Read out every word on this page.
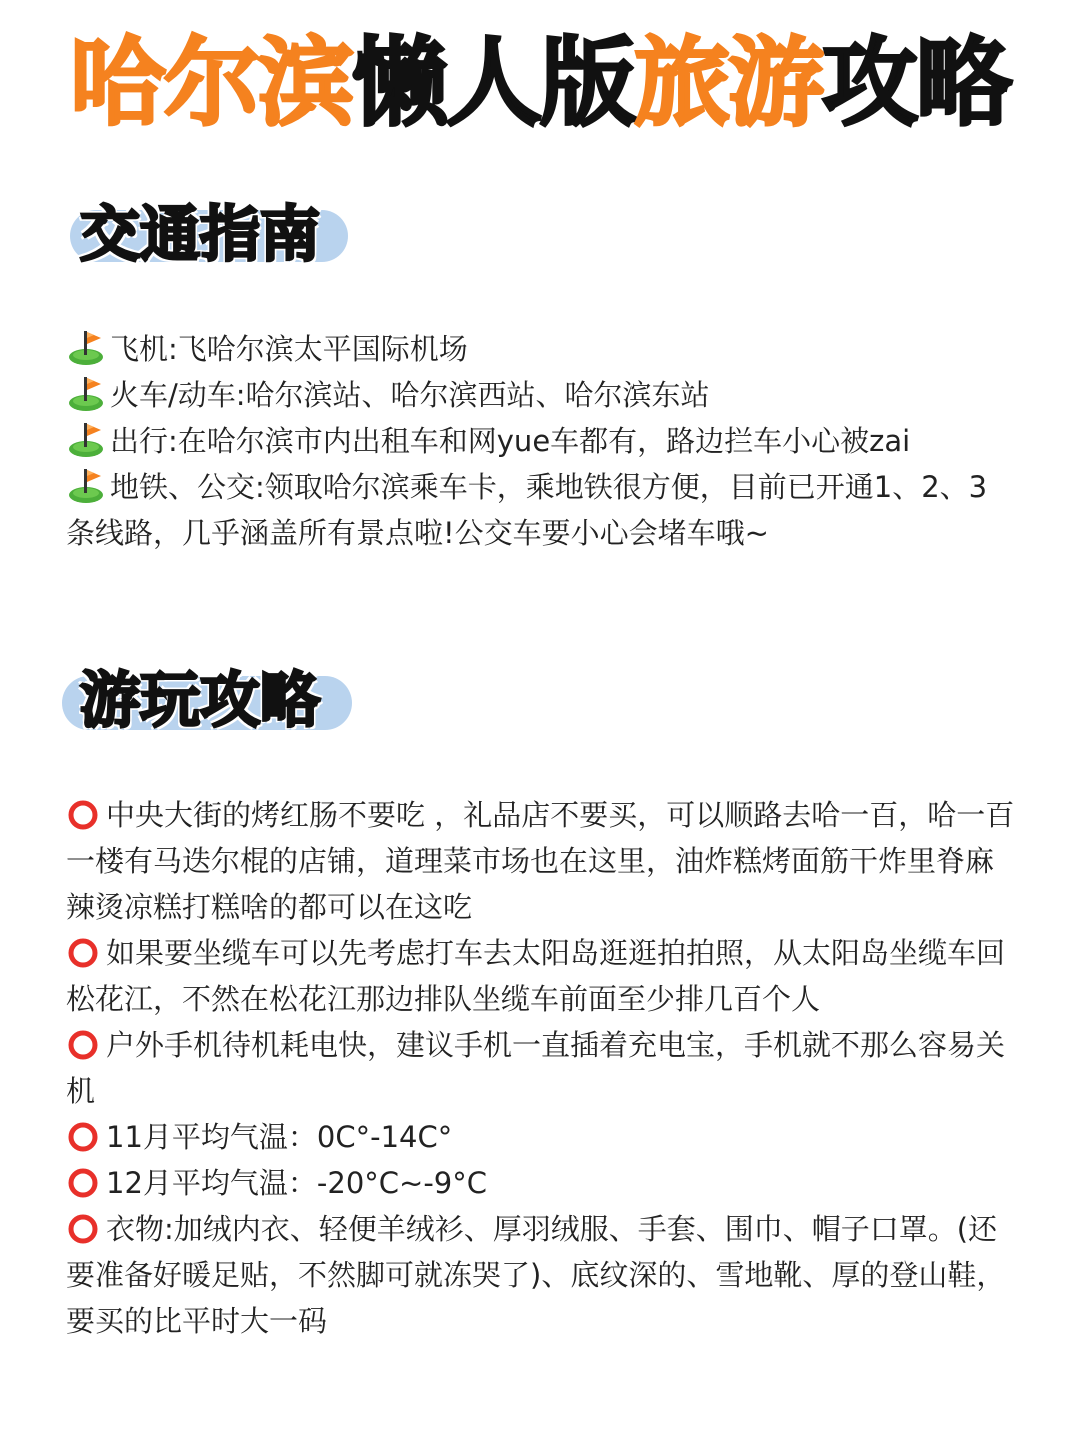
哈尔滨懒人版旅游攻略
交通指南

飞机:飞哈尔滨太平国际机场

火车/动车:哈尔滨站、哈尔滨西站、哈尔滨东站

出行:在哈尔滨市内出租车和网yue车都有，路边拦车小心被zai

地铁、公交:领取哈尔滨乘车卡，乘地铁很方便，目前已开通1、2、3条线路，几乎涵盖所有景点啦!公交车要小心会堵车哦~

游玩攻略

中央大街的烤红肠不要吃 ，礼品店不要买，可以顺路去哈一百，哈一百一楼有马迭尔棍的店铺，道理菜市场也在这里，油炸糕烤面筋干炸里脊麻辣烫凉糕打糕啥的都可以在这吃

如果要坐缆车可以先考虑打车去太阳岛逛逛拍拍照，从太阳岛坐缆车回松花江，不然在松花江那边排队坐缆车前面至少排几百个人

户外手机待机耗电快，建议手机一直插着充电宝，手机就不那么容易关机

11月平均气温：0C°-14C°

12月平均气温：-20°C~-9°C

衣物:加绒内衣、轻便羊绒衫、厚羽绒服、手套、围巾、帽子口罩。(还要准备好暖足贴，不然脚可就冻哭了)、底纹深的、雪地靴、厚的登山鞋，要买的比平时大一码
